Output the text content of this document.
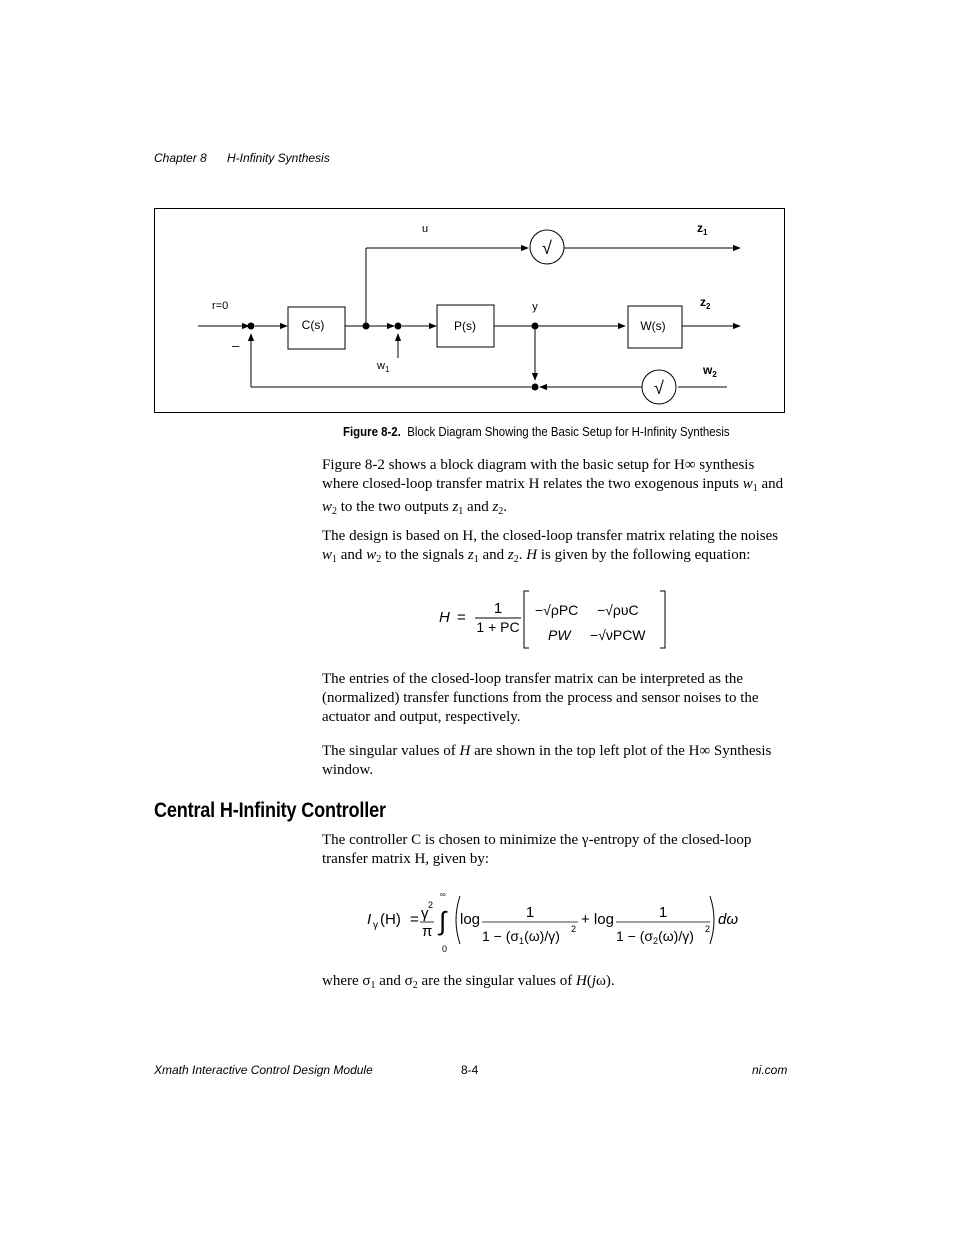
Chapter 8 H-Infinity Synthesis
C(s)
u
√
$z_1$
$w_1$
P(s)
y
W(s)
$z_2$
$w_2$
√
r=0
–
Figure 8-2. Block Diagram Showing the Basic Setup for H-Infinity Synthesis

Figure 8-2 shows a block diagram with the basic setup for H∞ synthesis where closed-loop transfer matrix H relates the two exogenous inputs $w_1$ and $w_2$ to the two outputs $z_1$ and $z_2$.

The design is based on H, the closed-loop transfer matrix relating the noises $w_1$ and $w_2$ to the signals $z_1$ and $z_2$. H is given by the following equation:

H =
1
1 + PC
−√ρPC −√ρυC
PW −√νPCW

The entries of the closed-loop transfer matrix can be interpreted as the (normalized) transfer functions from the process and sensor noises to the actuator and output, respectively.

The singular values of H are shown in the top left plot of the H∞ Synthesis window.

Central H-Infinity Controller

The controller C is chosen to minimize the γ-entropy of the closed-loop transfer matrix H, given by:

I γ (H) = γ 2
π ∫
∞
0
log	1
$1 - (\sigma_1(\omega)/\gamma)$ 2
+ log	1
$1 - (\sigma_2(\omega)/\gamma)$ 2
dω

where $\sigma_1$ and $\sigma_2$ are the singular values of H(jω).

Xmath Interactive Control Design Module	8-4	ni.com
